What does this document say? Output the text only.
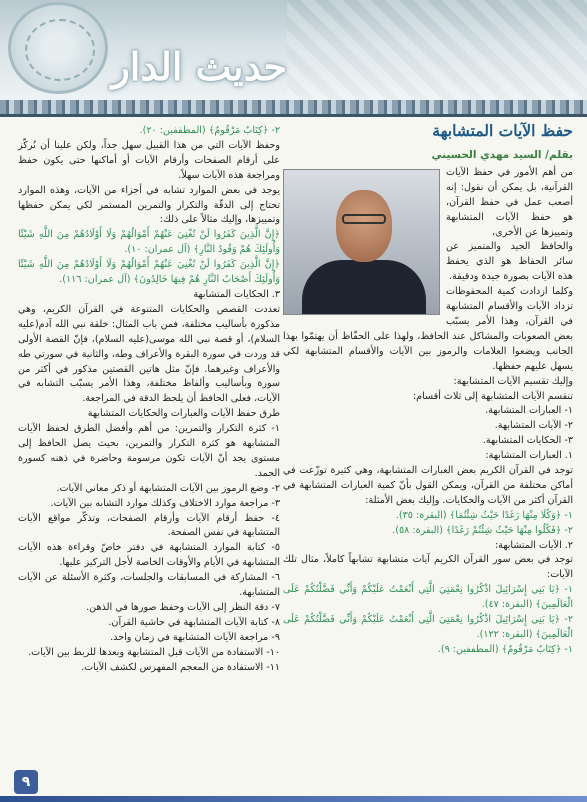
حديث الدار
حفظ الآيات المتشابهة
بقلم/ السيد مهدي الحسيني

من أهم الأمور في حفظ الآيات القرآنية، بل يمكن أن نقول: إنه أصعب عمل في حفظ القرآن، هو حفظ الآيات المتشابهة وتمييزها عن الأخرى،

والحافظ الجيد والمتميز عن سائر الحفاظ هو الذي يحفظ هذه الآيات بصورة جيدة ودقيقة.

وكلما ازدادت كمية المحفوظات تزداد الآيات والأقسام المتشابهة في القرآن، وهذا الأمر يسبّب بعض الصعوبات والمشاكل عند الحافظ، ولهذا على الحفّاظ أن يهتمّوا بهذا الجانب ويضعوا العلامات والرموز بين الآيات والأقسام المتشابهة لكي يسهل عليهم حفظها.

وإليك تقسيم الآيات المتشابهة:

تنقسم الآيات المتشابهة إلى ثلاث أقسام:

١- العبارات المتشابهة.

٢- الآيات المتشابهة.

٣- الحكايات المتشابهة.

١. العبارات المتشابهة:

توجد في القرآن الكريم بعض العبارات المتشابهة، وهي كثيرة توزّعت في أماكن مختلفة من القرآن، ويمكن القول بأنّ كمية العبارات المتشابهة في القرآن أكثر من الآيات والحكايات. وإليك بعض الأمثلة:

١- ﴿وَكُلَا مِنْهَا رَغَدًا حَيْثُ شِئْتُمَا﴾ (البقرة: ٣٥).

٢- ﴿فَكُلُوا مِنْهَا حَيْثُ شِئْتُمْ رَغَدًا﴾ (البقرة: ٥٨).

٢. الآيات المتشابهة:

توجد في بعض سور القرآن الكريم آيات متشابهة تشابهاً كاملاً، مثال تلك الآيات:

١- ﴿يَا بَنِي إِسْرَائِيلَ اذْكُرُوا نِعْمَتِيَ الَّتِي أَنْعَمْتُ عَلَيْكُمْ وَأَنِّي فَضَّلْتُكُمْ عَلَى الْعَالَمِينَ﴾ (البقرة: ٤٧).

٢- ﴿يَا بَنِي إِسْرَائِيلَ اذْكُرُوا نِعْمَتِيَ الَّتِي أَنْعَمْتُ عَلَيْكُمْ وَأَنِّي فَضَّلْتُكُمْ عَلَى الْعَالَمِينَ﴾ (البقرة: ١٢٢).

١- ﴿كِتَابٌ مَرْقُومٌ﴾ (المطففين: ٩).

٢- ﴿كِتَابٌ مَرْقُومٌ﴾ (المطففين: ٢٠).

وحفظ الآيات التي من هذا القبيل سهل جداً، ولكن علينا أن نُركّز على أرقام الصفحات وأرقام الآيات أو أماكنها حتى يكون حفظ ومراجعة هذه الآيات سهلاً.

يوجد في بعض الموارد تشابه في أجزاء من الآيات، وهذه الموارد تحتاج إلى الدقّة والتكرار والتمرين المستمر لكي يمكن حفظها وتمييزها، وإليك مثالاً على ذلك:

﴿إِنَّ الَّذِينَ كَفَرُوا لَنْ تُغْنِيَ عَنْهُمْ أَمْوَالُهُمْ وَلَا أَوْلَادُهُمْ مِنَ اللَّهِ شَيْئًا وَأُولَئِكَ هُمْ وَقُودُ النَّارِ﴾ (آل عمران: ١٠).

﴿إِنَّ الَّذِينَ كَفَرُوا لَنْ تُغْنِيَ عَنْهُمْ أَمْوَالُهُمْ وَلَا أَوْلَادُهُمْ مِنَ اللَّهِ شَيْئًا وَأُولَئِكَ أَصْحَابُ النَّارِ هُمْ فِيهَا خَالِدُونَ﴾ (آل عمران: ١١٦).

٣. الحكايات المتشابهة

تعددت القصص والحكايات المتنوعة في القرآن الكريم، وهي مذكورة بأساليب مختلفة، فمن باب المثال: خلقة نبي الله آدم(عليه السلام)، أو قصة نبي الله موسى(عليه السلام)، فإنّ القصة الأولى قد وردت في سورة البقرة والأعراف وطه، والثانية في سورتي طه والأعراف وغيرهما. فإنّ مثل هاتين القصتين مذكور في أكثر من سورة وبأساليب وألفاظ مختلفة، وهذا الأمر يسبّب التشابه في الآيات، فعلى الحافظ أن يلحظ الدقة في المراجعة.

طرق حفظ الآيات والعبارات والحكايات المتشابهة

١- كثرة التكرار والتمرين: من أهم وأفضل الطرق لحفظ الآيات المتشابهة هو كثرة التكرار والتمرين، بحيث يصل الحافظ إلى مستوى يجد أنّ الآيات تكون مرسومة وحاضرة في ذهنه كسورة الحمد.

٢- وضع الرموز بين الآيات المتشابهة أو ذكر معاني الآيات.

٣- مراجعة موارد الاختلاف وكذلك موارد التشابه بين الآيات.

٤- حفظ أرقام الآيات وأرقام الصفحات، وتذكّر مواقع الآيات المتشابهة في نفس الصفحة.

٥- كتابة الموارد المتشابهة في دفتر خاصّ وقراءة هذه الآيات المتشابهة في الأيام والأوقات الخاصة لأجل التركيز عليها.

٦- المشاركة في المسابقات والجلسات، وكثرة الأسئلة عن الآيات المتشابهة.

٧- دقة النظر إلى الآيات وحفظ صورها في الذهن.

٨- كتابة الآيات المتشابهة في حاشية القرآن.

٩- مراجعة الآيات المتشابهة في زمان واحد.

١٠- الاستفادة من الآيات قبل المتشابهة وبعدها للربط بين الآيات.

١١- الاستفادة من المعجم المفهرس لكشف الآيات.

٩
